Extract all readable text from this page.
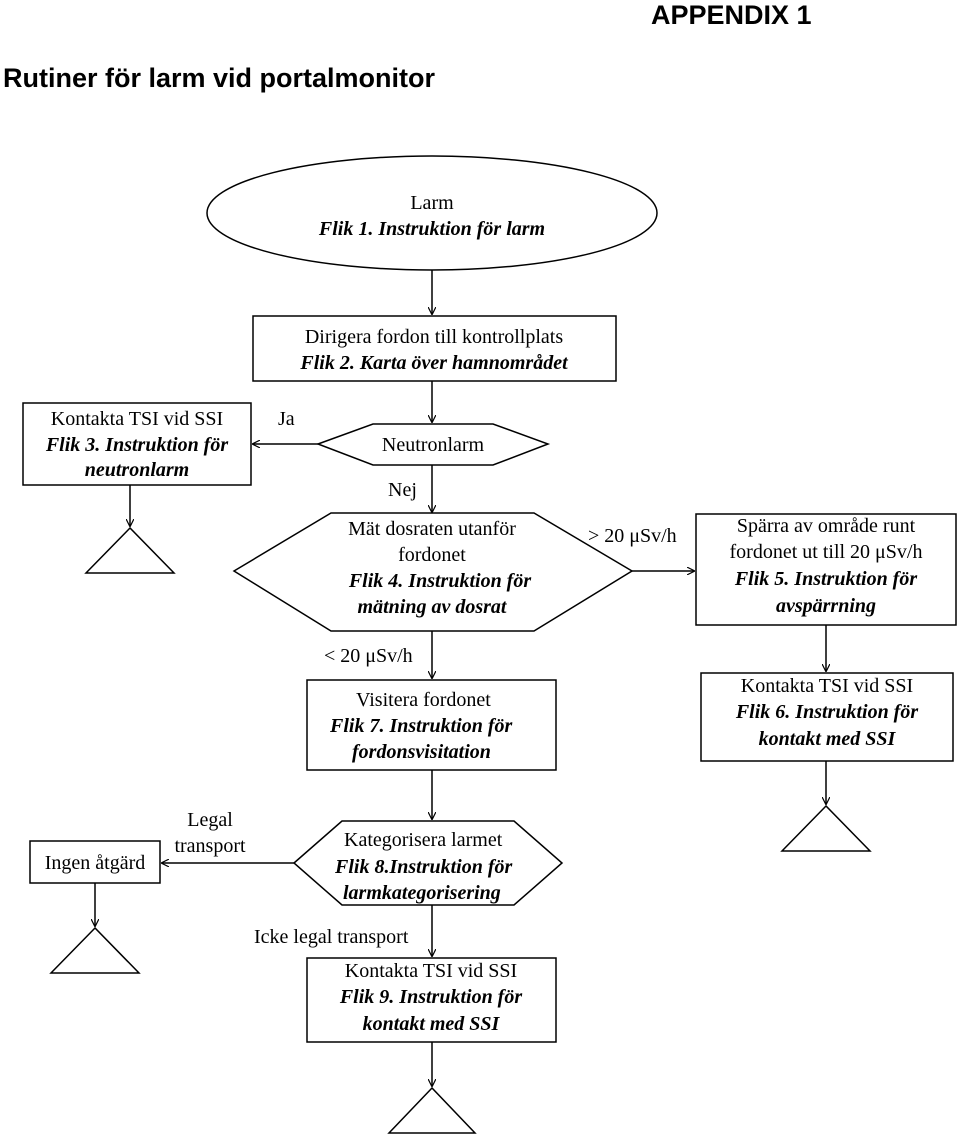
APPENDIX 1
Rutiner för larm vid portalmonitor
Larm
Flik 1. Instruktion för larm
Dirigera fordon till kontrollplats
Flik 2. Karta över hamnområdet
Kontakta TSI vid SSI
Flik 3. Instruktion för
neutronlarm
Neutronlarm
Ja
Nej
Mät dosraten utanför
fordonet
Flik 4. Instruktion för
mätning av dosrat
> 20 μSv/h	Spärra av område runt
fordonet ut till 20 μSv/h
Flik 5. Instruktion för
avspärrning
Kontakta TSI vid SSI
Flik 6. Instruktion för
kontakt med SSI
< 20 μSv/h
Visitera fordonet
Flik 7. Instruktion för
fordonsvisitation
Kategorisera larmet
Flik 8.Instruktion för
larmkategorisering
Legal
transport
Ingen åtgärd
Icke legal transport
Kontakta TSI vid SSI
Flik 9. Instruktion för
kontakt med SSI
